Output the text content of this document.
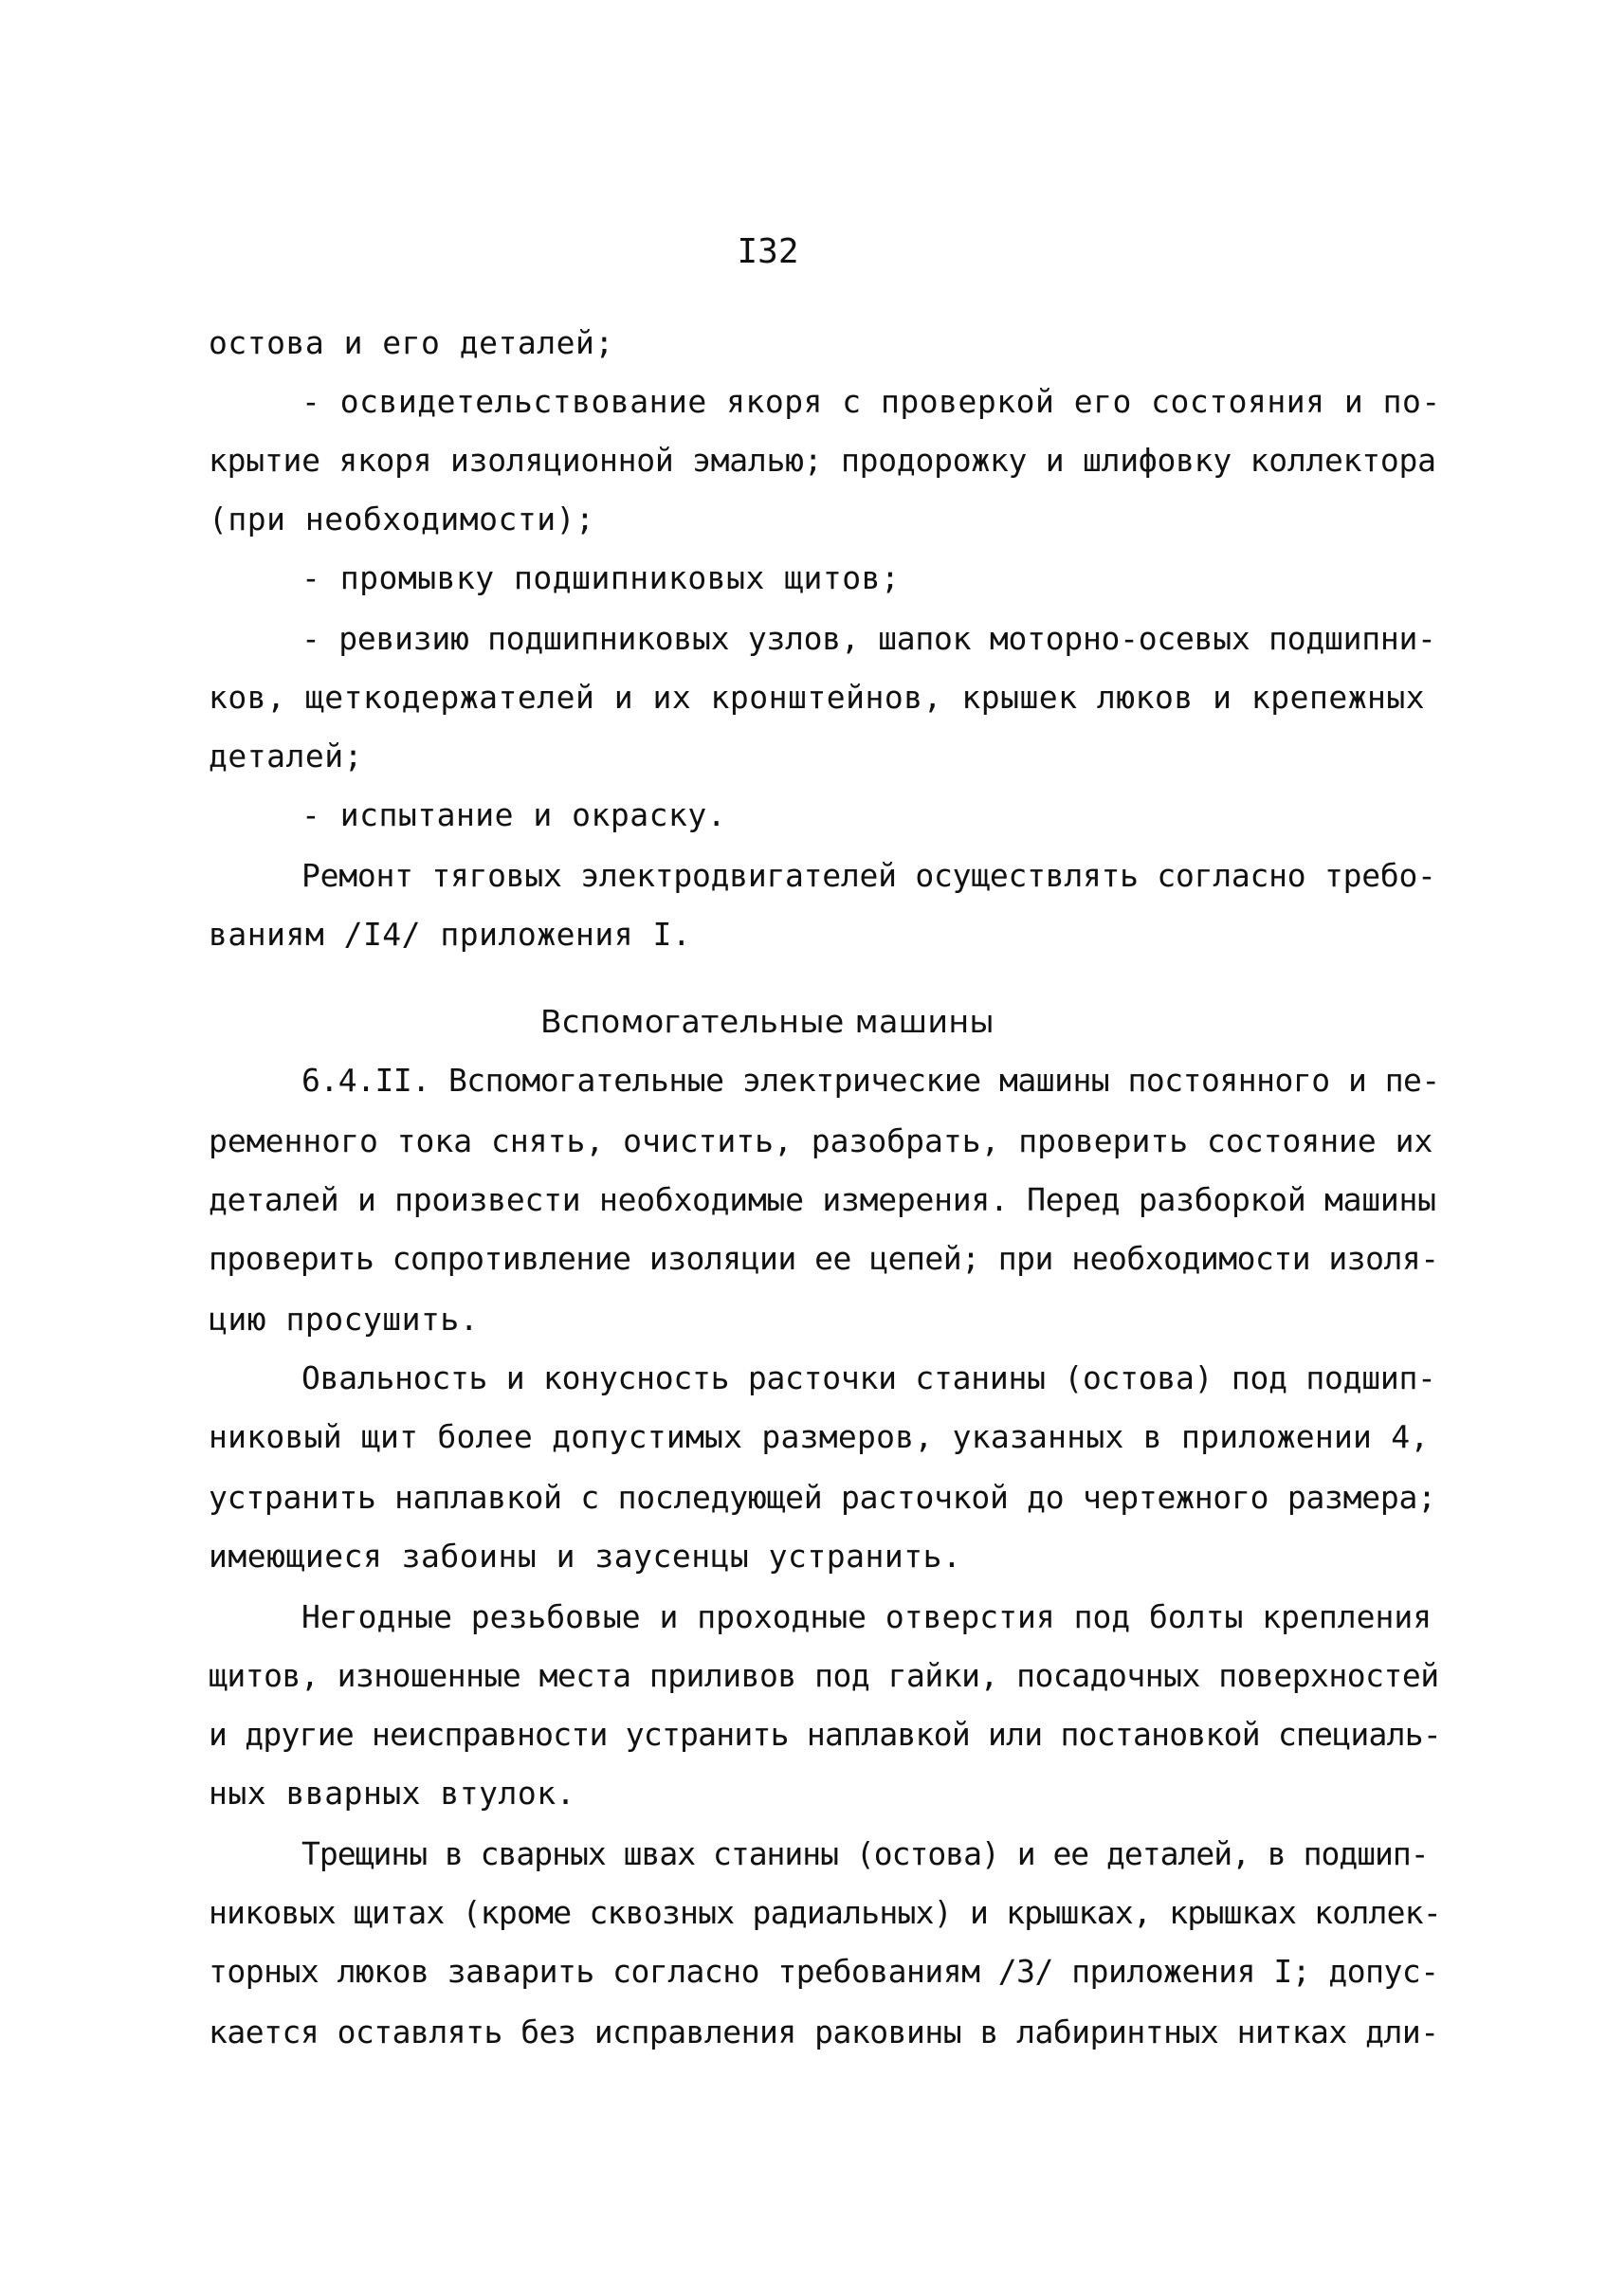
I32
остова и его деталей;
- освидетельствование якоря с проверкой его состояния и по-
крытие якоря изоляционной эмалью; продорожку и шлифовку коллектора
(при необходимости);
- промывку подшипниковых щитов;
- ревизию подшипниковых узлов, шапок моторно-осевых подшипни-
ков, щеткодержателей и их кронштейнов, крышек люков и крепежных
деталей;
- испытание и окраску.
Ремонт тяговых электродвигателей осуществлять согласно требо-
ваниям /I4/ приложения I.
Вспомогательные машины
6.4.II. Вспомогательные электрические машины постоянного и пе-
ременного тока снять, очистить, разобрать, проверить состояние их
деталей и произвести необходимые измерения. Перед разборкой машины
проверить сопротивление изоляции ее цепей; при необходимости изоля-
цию просушить.
Овальность и конусность расточки станины (остова) под подшип-
никовый щит более допустимых размеров, указанных в приложении 4,
устранить наплавкой с последующей расточкой до чертежного размера;
имеющиеся забоины и заусенцы устранить.
Негодные резьбовые и проходные отверстия под болты крепления
щитов, изношенные места приливов под гайки, посадочных поверхностей
и другие неисправности устранить наплавкой или постановкой специаль-
ных вварных втулок.
Трещины в сварных швах станины (остова) и ее деталей, в подшип-
никовых щитах (кроме сквозных радиальных) и крышках, крышках коллек-
торных люков заварить согласно требованиям /3/ приложения I; допус-
кается оставлять без исправления раковины в лабиринтных нитках дли-
